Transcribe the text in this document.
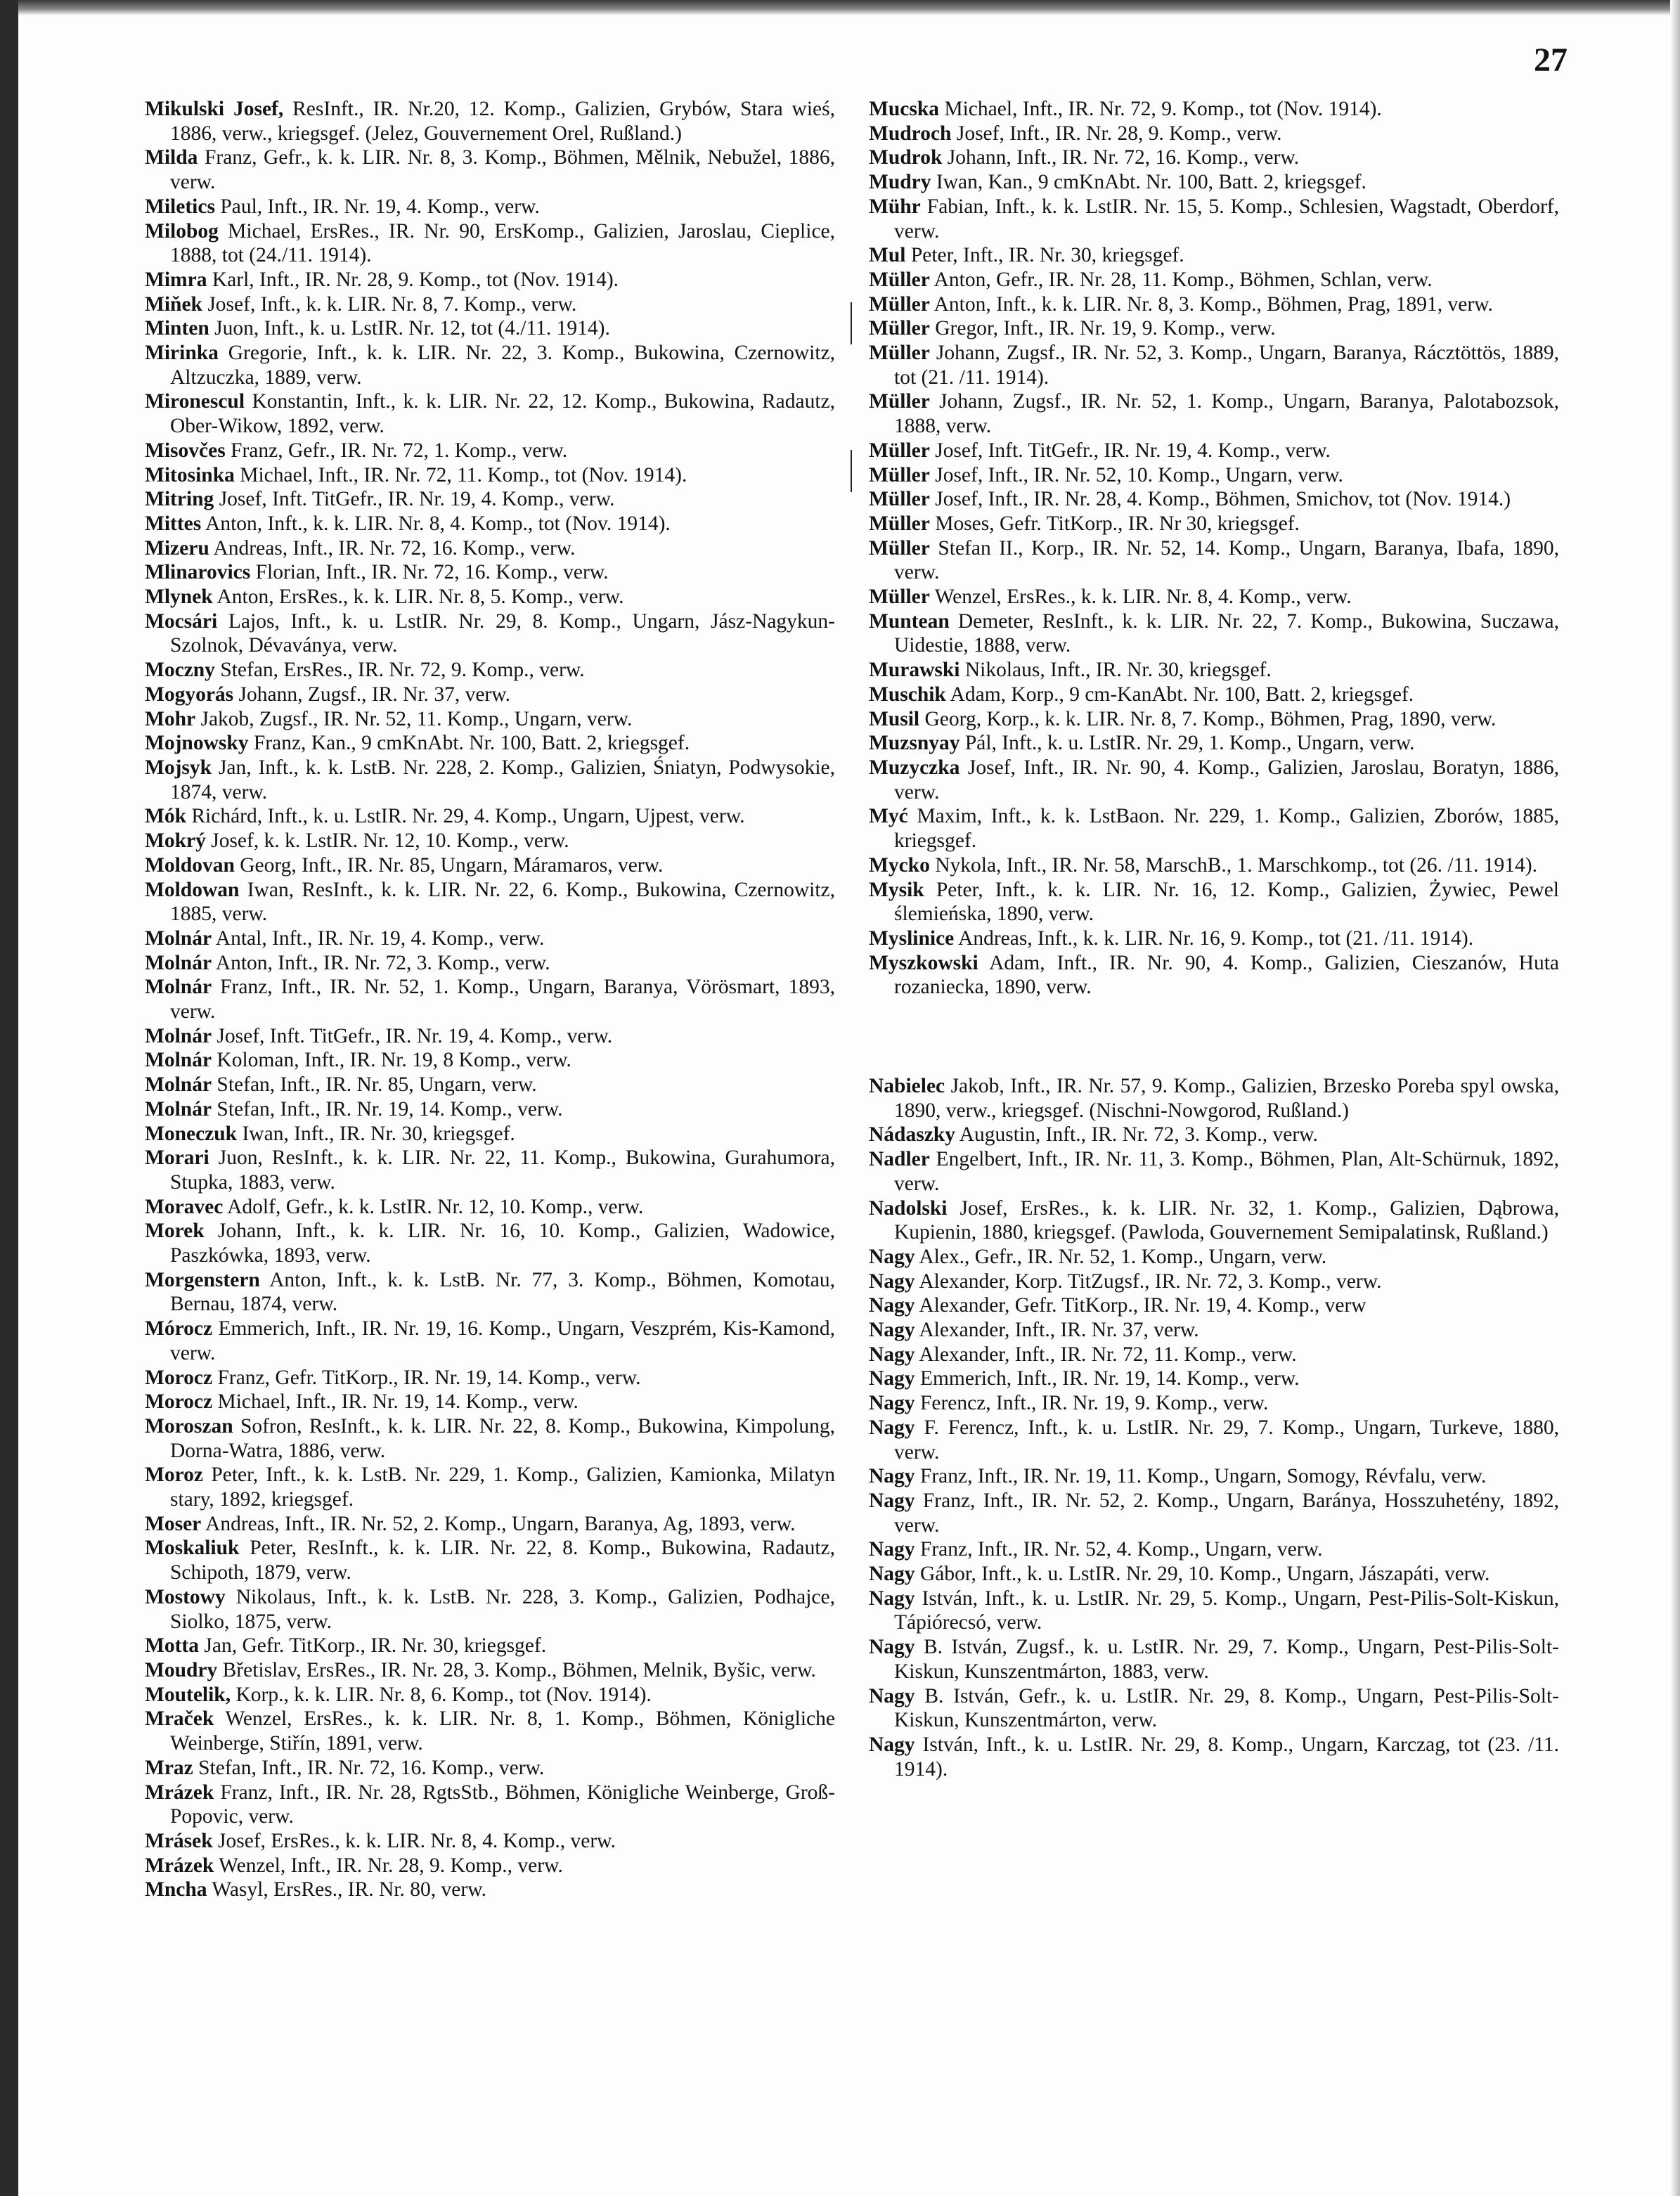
27
Mikulski Josef, ResInft., IR. Nr.20, 12. Komp., Galizien, Grybów, Stara wieś, 1886, verw., kriegsgef. (Jelez, Gouvernement Orel, Rußland.)
Milda Franz, Gefr., k. k. LIR. Nr. 8, 3. Komp., Böhmen, Mělnik, Nebužel, 1886, verw.
Miletics Paul, Inft., IR. Nr. 19, 4. Komp., verw.
Milobog Michael, ErsRes., IR. Nr. 90, ErsKomp., Galizien, Jaroslau, Cieplice, 1888, tot (24./11. 1914).
Mimra Karl, Inft., IR. Nr. 28, 9. Komp., tot (Nov. 1914).
Miňek Josef, Inft., k. k. LIR. Nr. 8, 7. Komp., verw.
Minten Juon, Inft., k. u. LstIR. Nr. 12, tot (4./11. 1914).
Mirinka Gregorie, Inft., k. k. LIR. Nr. 22, 3. Komp., Bukowina, Czernowitz, Altzuczka, 1889, verw.
Mironescul Konstantin, Inft., k. k. LIR. Nr. 22, 12. Komp., Bukowina, Radautz, Ober-Wikow, 1892, verw.
Misovčes Franz, Gefr., IR. Nr. 72, 1. Komp., verw.
Mitosinka Michael, Inft., IR. Nr. 72, 11. Komp., tot (Nov. 1914).
Mitring Josef, Inft. TitGefr., IR. Nr. 19, 4. Komp., verw.
Mittes Anton, Inft., k. k. LIR. Nr. 8, 4. Komp., tot (Nov. 1914).
Mizeru Andreas, Inft., IR. Nr. 72, 16. Komp., verw.
Mlinarovics Florian, Inft., IR. Nr. 72, 16. Komp., verw.
Mlynek Anton, ErsRes., k. k. LIR. Nr. 8, 5. Komp., verw.
Mocsári Lajos, Inft., k. u. LstIR. Nr. 29, 8. Komp., Ungarn, Jász-Nagykun-Szolnok, Dévaványa, verw.
Moczny Stefan, ErsRes., IR. Nr. 72, 9. Komp., verw.
Mogyorás Johann, Zugsf., IR. Nr. 37, verw.
Mohr Jakob, Zugsf., IR. Nr. 52, 11. Komp., Ungarn, verw.
Mojnowsky Franz, Kan., 9 cmKnAbt. Nr. 100, Batt. 2, kriegsgef.
Mojsyk Jan, Inft., k. k. LstB. Nr. 228, 2. Komp., Galizien, Śniatyn, Podwysokie, 1874, verw.
Mók Richárd, Inft., k. u. LstIR. Nr. 29, 4. Komp., Ungarn, Ujpest, verw.
Mokrý Josef, k. k. LstIR. Nr. 12, 10. Komp., verw.
Moldovan Georg, Inft., IR. Nr. 85, Ungarn, Máramaros, verw.
Moldowan Iwan, ResInft., k. k. LIR. Nr. 22, 6. Komp., Bukowina, Czernowitz, 1885, verw.
Molnár Antal, Inft., IR. Nr. 19, 4. Komp., verw.
Molnár Anton, Inft., IR. Nr. 72, 3. Komp., verw.
Molnár Franz, Inft., IR. Nr. 52, 1. Komp., Ungarn, Baranya, Vörösmart, 1893, verw.
Molnár Josef, Inft. TitGefr., IR. Nr. 19, 4. Komp., verw.
Molnár Koloman, Inft., IR. Nr. 19, 8 Komp., verw.
Molnár Stefan, Inft., IR. Nr. 85, Ungarn, verw.
Molnár Stefan, Inft., IR. Nr. 19, 14. Komp., verw.
Moneczuk Iwan, Inft., IR. Nr. 30, kriegsgef.
Morari Juon, ResInft., k. k. LIR. Nr. 22, 11. Komp., Bukowina, Gurahumora, Stupka, 1883, verw.
Moravec Adolf, Gefr., k. k. LstIR. Nr. 12, 10. Komp., verw.
Morek Johann, Inft., k. k. LIR. Nr. 16, 10. Komp., Galizien, Wadowice, Paszkówka, 1893, verw.
Morgenstern Anton, Inft., k. k. LstB. Nr. 77, 3. Komp., Böhmen, Komotau, Bernau, 1874, verw.
Mórocz Emmerich, Inft., IR. Nr. 19, 16. Komp., Ungarn, Veszprém, Kis-Kamond, verw.
Morocz Franz, Gefr. TitKorp., IR. Nr. 19, 14. Komp., verw.
Morocz Michael, Inft., IR. Nr. 19, 14. Komp., verw.
Moroszan Sofron, ResInft., k. k. LIR. Nr. 22, 8. Komp., Bukowina, Kimpolung, Dorna-Watra, 1886, verw.
Moroz Peter, Inft., k. k. LstB. Nr. 229, 1. Komp., Galizien, Kamionka, Milatyn stary, 1892, kriegsgef.
Moser Andreas, Inft., IR. Nr. 52, 2. Komp., Ungarn, Baranya, Ag, 1893, verw.
Moskaliuk Peter, ResInft., k. k. LIR. Nr. 22, 8. Komp., Bukowina, Radautz, Schipoth, 1879, verw.
Mostowy Nikolaus, Inft., k. k. LstB. Nr. 228, 3. Komp., Galizien, Podhajce, Siolko, 1875, verw.
Motta Jan, Gefr. TitKorp., IR. Nr. 30, kriegsgef.
Moudry Břetislav, ErsRes., IR. Nr. 28, 3. Komp., Böhmen, Melnik, Byšic, verw.
Moutelik, Korp., k. k. LIR. Nr. 8, 6. Komp., tot (Nov. 1914).
Mraček Wenzel, ErsRes., k. k. LIR. Nr. 8, 1. Komp., Böhmen, Königliche Weinberge, Stiřín, 1891, verw.
Mraz Stefan, Inft., IR. Nr. 72, 16. Komp., verw.
Mrázek Franz, Inft., IR. Nr. 28, RgtsStb., Böhmen, Königliche Weinberge, Groß-Popovic, verw.
Mrásek Josef, ErsRes., k. k. LIR. Nr. 8, 4. Komp., verw.
Mrázek Wenzel, Inft., IR. Nr. 28, 9. Komp., verw.
Mncha Wasyl, ErsRes., IR. Nr. 80, verw.
Mucska Michael, Inft., IR. Nr. 72, 9. Komp., tot (Nov. 1914).
Mudroch Josef, Inft., IR. Nr. 28, 9. Komp., verw.
Mudrok Johann, Inft., IR. Nr. 72, 16. Komp., verw.
Mudry Iwan, Kan., 9 cmKnAbt. Nr. 100, Batt. 2, kriegsgef.
Mühr Fabian, Inft., k. k. LstIR. Nr. 15, 5. Komp., Schlesien, Wagstadt, Oberdorf, verw.
Mul Peter, Inft., IR. Nr. 30, kriegsgef.
Müller Anton, Gefr., IR. Nr. 28, 11. Komp., Böhmen, Schlan, verw.
Müller Anton, Inft., k. k. LIR. Nr. 8, 3. Komp., Böhmen, Prag, 1891, verw.
Müller Gregor, Inft., IR. Nr. 19, 9. Komp., verw.
Müller Johann, Zugsf., IR. Nr. 52, 3. Komp., Ungarn, Baranya, Rácztöttös, 1889, tot (21. /11. 1914).
Müller Johann, Zugsf., IR. Nr. 52, 1. Komp., Ungarn, Baranya, Palotabozsok, 1888, verw.
Müller Josef, Inft. TitGefr., IR. Nr. 19, 4. Komp., verw.
Müller Josef, Inft., IR. Nr. 52, 10. Komp., Ungarn, verw.
Müller Josef, Inft., IR. Nr. 28, 4. Komp., Böhmen, Smichov, tot (Nov. 1914.)
Müller Moses, Gefr. TitKorp., IR. Nr 30, kriegsgef.
Müller Stefan II., Korp., IR. Nr. 52, 14. Komp., Ungarn, Baranya, Ibafa, 1890, verw.
Müller Wenzel, ErsRes., k. k. LIR. Nr. 8, 4. Komp., verw.
Muntean Demeter, ResInft., k. k. LIR. Nr. 22, 7. Komp., Bukowina, Suczawa, Uidestie, 1888, verw.
Murawski Nikolaus, Inft., IR. Nr. 30, kriegsgef.
Muschik Adam, Korp., 9 cm-KanAbt. Nr. 100, Batt. 2, kriegsgef.
Musil Georg, Korp., k. k. LIR. Nr. 8, 7. Komp., Böhmen, Prag, 1890, verw.
Muzsnyay Pál, Inft., k. u. LstIR. Nr. 29, 1. Komp., Ungarn, verw.
Muzyczka Josef, Inft., IR. Nr. 90, 4. Komp., Galizien, Jaroslau, Boratyn, 1886, verw.
Myć Maxim, Inft., k. k. LstBaon. Nr. 229, 1. Komp., Galizien, Zborów, 1885, kriegsgef.
Mycko Nykola, Inft., IR. Nr. 58, MarschB., 1. Marschkomp., tot (26. /11. 1914).
Mysik Peter, Inft., k. k. LIR. Nr. 16, 12. Komp., Galizien, Żywiec, Pewel ślemieńska, 1890, verw.
Myslinice Andreas, Inft., k. k. LIR. Nr. 16, 9. Komp., tot (21. /11. 1914).
Myszkowski Adam, Inft., IR. Nr. 90, 4. Komp., Galizien, Cieszanów, Huta rozaniecka, 1890, verw.
Nabielec Jakob, Inft., IR. Nr. 57, 9. Komp., Galizien, Brzesko Poreba spyl owska, 1890, verw., kriegsgef. (Nischni-Nowgorod, Rußland.)
Nádaszky Augustin, Inft., IR. Nr. 72, 3. Komp., verw.
Nadler Engelbert, Inft., IR. Nr. 11, 3. Komp., Böhmen, Plan, Alt-Schürnuk, 1892, verw.
Nadolski Josef, ErsRes., k. k. LIR. Nr. 32, 1. Komp., Galizien, Dąbrowa, Kupienin, 1880, kriegsgef. (Pawloda, Gouvernement Semipalatinsk, Rußland.)
Nagy Alex., Gefr., IR. Nr. 52, 1. Komp., Ungarn, verw.
Nagy Alexander, Korp. TitZugsf., IR. Nr. 72, 3. Komp., verw.
Nagy Alexander, Gefr. TitKorp., IR. Nr. 19, 4. Komp., verw
Nagy Alexander, Inft., IR. Nr. 37, verw.
Nagy Alexander, Inft., IR. Nr. 72, 11. Komp., verw.
Nagy Emmerich, Inft., IR. Nr. 19, 14. Komp., verw.
Nagy Ferencz, Inft., IR. Nr. 19, 9. Komp., verw.
Nagy F. Ferencz, Inft., k. u. LstIR. Nr. 29, 7. Komp., Ungarn, Turkeve, 1880, verw.
Nagy Franz, Inft., IR. Nr. 19, 11. Komp., Ungarn, Somogy, Révfalu, verw.
Nagy Franz, Inft., IR. Nr. 52, 2. Komp., Ungarn, Baránya, Hosszuhetény, 1892, verw.
Nagy Franz, Inft., IR. Nr. 52, 4. Komp., Ungarn, verw.
Nagy Gábor, Inft., k. u. LstIR. Nr. 29, 10. Komp., Ungarn, Jászapáti, verw.
Nagy István, Inft., k. u. LstIR. Nr. 29, 5. Komp., Ungarn, Pest-Pilis-Solt-Kiskun, Tápiórecsó, verw.
Nagy B. István, Zugsf., k. u. LstIR. Nr. 29, 7. Komp., Ungarn, Pest-Pilis-Solt-Kiskun, Kunszentmárton, 1883, verw.
Nagy B. István, Gefr., k. u. LstIR. Nr. 29, 8. Komp., Ungarn, Pest-Pilis-Solt-Kiskun, Kunszentmárton, verw.
Nagy István, Inft., k. u. LstIR. Nr. 29, 8. Komp., Ungarn, Karczag, tot (23. /11. 1914).
